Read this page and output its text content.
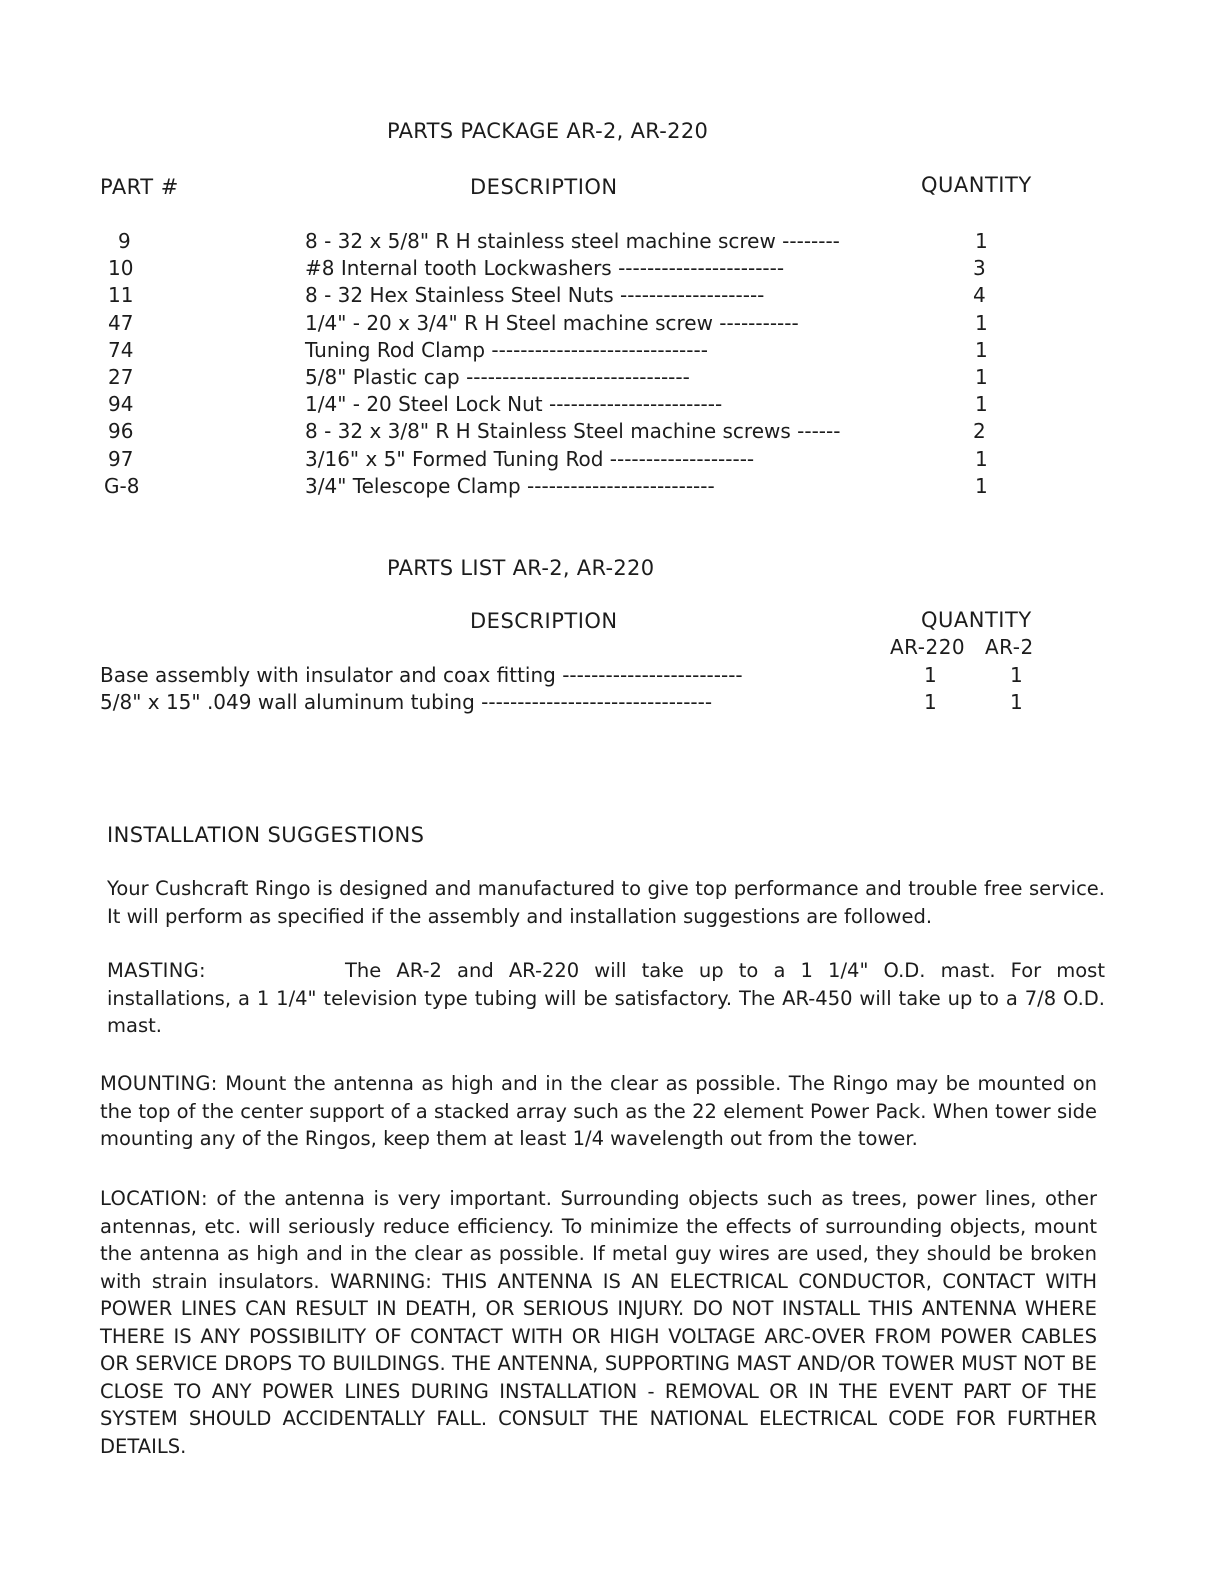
PARTS PACKAGE AR-2, AR-220
PART #	DESCRIPTION	QUANTITY
9	8 - 32 x 5/8" R H stainless steel machine screw --------	1
10	#8 Internal tooth Lockwashers -----------------------	3
11	8 - 32 Hex Stainless Steel Nuts --------------------	4
47	1/4" - 20 x 3/4" R H Steel machine screw -----------	1
74	Tuning Rod Clamp ------------------------------	1
27	5/8" Plastic cap -------------------------------	1
94	1/4" - 20 Steel Lock Nut ------------------------	1
96	8 - 32 x 3/8" R H Stainless Steel machine screws ------	2
97	3/16" x 5" Formed Tuning Rod --------------------	1
G-8	3/4" Telescope Clamp --------------------------	1
PARTS LIST AR-2, AR-220
DESCRIPTION	QUANTITY
AR-220 AR-2
Base assembly with insulator and coax fitting -------------------------	1	1
5/8" x 15" .049 wall aluminum tubing --------------------------------	1	1
INSTALLATION SUGGESTIONS
Your Cushcraft Ringo is designed and manufactured to give top performance and trouble free service. It will perform as specified if the assembly and installation suggestions are followed.
MASTING:	The AR-2 and AR-220 will take up to a 1 1/4" O.D. mast. For most installations, a 1 1/4" television type tubing will be satisfactory. The AR-450 will take up to a 7/8 O.D. mast.
MOUNTING: Mount the antenna as high and in the clear as possible. The Ringo may be mounted on the top of the center support of a stacked array such as the 22 element Power Pack. When tower side mounting any of the Ringos, keep them at least 1/4 wavelength out from the tower.
LOCATION: of the antenna is very important. Surrounding objects such as trees, power lines, other antennas, etc. will seriously reduce efficiency. To minimize the effects of surrounding objects, mount the antenna as high and in the clear as possible. If metal guy wires are used, they should be broken with strain insulators. WARNING: THIS ANTENNA IS AN ELECTRICAL CONDUCTOR, CONTACT WITH POWER LINES CAN RESULT IN DEATH, OR SERIOUS INJURY. DO NOT INSTALL THIS ANTENNA WHERE THERE IS ANY POSSIBILITY OF CONTACT WITH OR HIGH VOLTAGE ARC-OVER FROM POWER CABLES OR SERVICE DROPS TO BUILDINGS. THE ANTENNA, SUPPORTING MAST AND/OR TOWER MUST NOT BE CLOSE TO ANY POWER LINES DURING INSTALLATION - REMOVAL OR IN THE EVENT PART OF THE SYSTEM SHOULD ACCIDENTALLY FALL. CONSULT THE NATIONAL ELECTRICAL CODE FOR FURTHER DETAILS.
